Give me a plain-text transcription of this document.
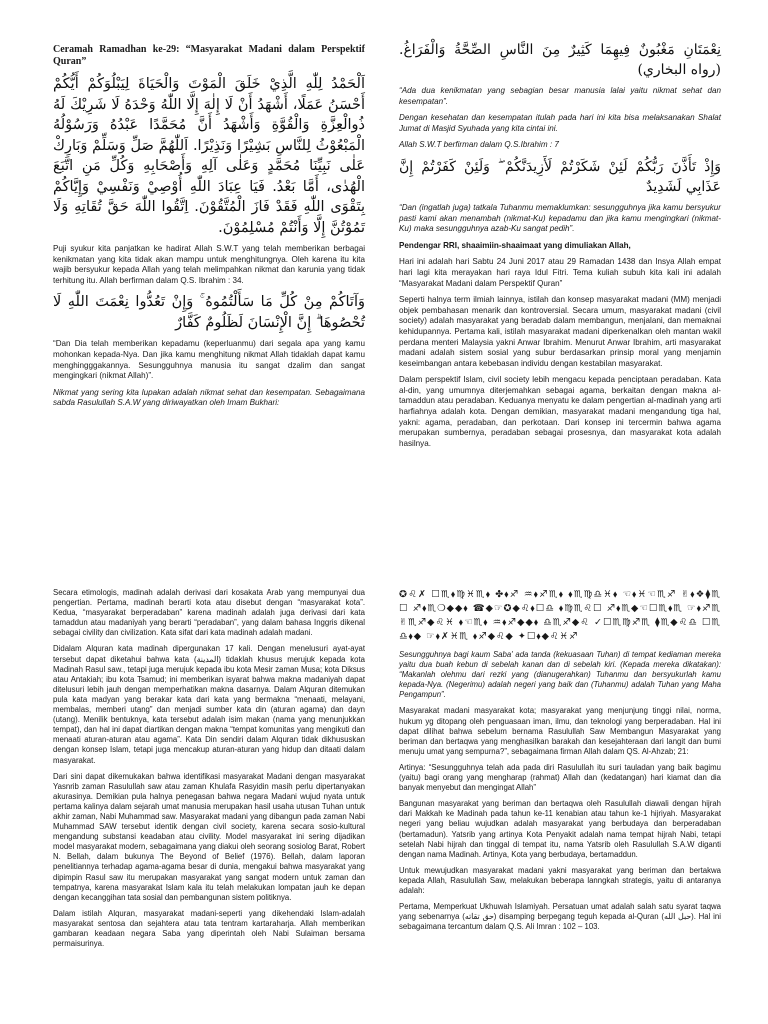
Ceramah Ramadhan ke-29: “Masyarakat Madani dalam Perspektif Quran”

اَلْحَمْدُ لِلّٰهِ الَّذِيْ خَلَقَ الْمَوْتَ وَالْحَيَاةَ لِيَبْلُوَكُمْ أَيُّكُمْ أَحْسَنُ عَمَلًا، أَشْهَدُ أَنْ لَا إِلٰهَ إِلَّا اللّٰهُ وَحْدَهُ لَا شَرِيْكَ لَهُ ذُوالْعِزَّةِ وَالْقُوَّةِ وَأَشْهَدُ أَنَّ مُحَمَّدًا عَبْدُهُ وَرَسُوْلُهُ الْمَبْعُوْثُ لِلنَّاسِ بَشِيْرًا وَنَذِيْرًا. اَللّٰهُمَّ صَلِّ وَسَلِّمْ وَبَارِكْ عَلٰى نَبِيِّنَا مُحَمَّدٍ وَعَلٰى آلِهِ وَأَصْحَابِهِ وَكُلِّ مَنِ اتَّبَعَ الْهُدٰى، أَمَّا بَعْدُ. فَيَا عِبَادَ اللّٰهِ أُوْصِيْ وَنَفْسِيْ وَإِيَّاكُمْ بِتَقْوَى اللّٰهِ فَقَدْ فَازَ الْمُتَّقُوْنَ. اِتَّقُوا اللّٰهَ حَقَّ تُقَاتِهِ وَلَا تَمُوْتُنَّ إِلَّا وَأَنْتُمْ مُسْلِمُوْنَ.

Puji syukur kita panjatkan ke hadirat Allah S.W.T yang telah memberikan berbagai kenikmatan yang kita tidak akan mampu untuk menghitungnya. Oleh karena itu kita wajib bersyukur kepada Allah yang telah melimpahkan nikmat dan karunia yang tidak terhitung itu. Allah berfirman dalam Q.S. Ibrahim : 34.

وَآتَاكُمْ مِنْ كُلِّ مَا سَأَلْتُمُوهُ ۚ وَإِنْ تَعُدُّوا نِعْمَتَ اللّٰهِ لَا تُحْصُوهَا ۗ إِنَّ الْإِنْسَانَ لَظَلُومٌ كَفَّارٌ

“Dan Dia telah memberikan kepadamu (keperluanmu) dari segala apa yang kamu mohonkan kepada-Nya. Dan jika kamu menghitung nikmat Allah tidaklah dapat kamu menghingggakannya. Sesungguhnya manusia itu sangat dzalim dan sangat mengingkari (nikmat Allah)”.

Nikmat yang sering kita lupakan adalah nikmat sehat dan kesempatan. Sebagaimana sabda Rasulullah S.A.W yang diriwayatkan oleh Imam Bukhari:

نِعْمَتَانِ مَغْبُونٌ فِيهِمَا كَثِيرٌ مِنَ النَّاسِ الصِّحَّةُ وَالْفَرَاغُ. (رواه البخاري)

“Ada dua kenikmatan yang sebagian besar manusia lalai yaitu nikmat sehat dan kesempatan”.

Dengan kesehatan dan kesempatan itulah pada hari ini kita bisa melaksanakan Shalat Jumat di Masjid Syuhada yang kita cintai ini.

Allah S.W.T berfirman dalam Q.S.Ibrahim : 7

وَإِذْ تَأَذَّنَ رَبُّكُمْ لَئِنْ شَكَرْتُمْ لَأَزِيدَنَّكُمْ ۖ وَلَئِنْ كَفَرْتُمْ إِنَّ عَذَابِي لَشَدِيدٌ

“Dan (ingatlah juga) tatkala Tuhanmu memaklumkan: sesungguhnya jika kamu bersyukur pasti kami akan menambah (nikmat-Ku) kepadamu dan jika kamu mengingkari (nikmat-Ku) maka sesungguhnya azab-Ku sangat pedih”.

Pendengar RRI, shaaimiin-shaaimaat yang dimuliakan Allah,

Hari ini adalah hari Sabtu 24 Juni 2017 atau 29 Ramadan 1438 dan Insya Allah empat hari lagi kita merayakan hari raya Idul Fitri. Tema kuliah subuh kita kali ini adalah “Masyarakat Madani dalam Perspektif Quran”

Seperti halnya term ilmiah lainnya, istilah dan konsep masyarakat madani (MM) menjadi objek pembahasan menarik dan kontroversial. Secara umum, masyarakat madani (civil society) adalah masyarakat yang beradab dalam membangun, menjalani, dan memaknai kehidupannya. Pertama kali, istilah masyarakat madani diperkenalkan oleh mantan wakil perdana menteri Malaysia yakni Anwar Ibrahim. Menurut Anwar Ibrahim, arti masyarakat madani adalah sistem sosial yang subur berdasarkan prinsip moral yang menjamin keseimbangan antara kebebasan individu dengan kestabilan masyarakat.

Dalam perspektif Islam, civil society lebih mengacu kepada penciptaan peradaban. Kata al-din, yang umumnya diterjemahkan sebagai agama, berkaitan dengan makna al-tamaddun atau peradaban. Keduanya menyatu ke dalam pengertian al-madinah yang arti harfiahnya adalah kota. Dengan demikian, masyarakat madani mengandung tiga hal, yakni: agama, peradaban, dan perkotaan. Dari konsep ini tercermin bahwa agama merupakan sumbernya, peradaban sebagai prosesnya, dan masyarakat kota adalah hasilnya.

Secara etimologis, madinah adalah derivasi dari kosakata Arab yang mempunyai dua pengertian. Pertama, madinah berarti kota atau disebut dengan “masyarakat kota”. Kedua, “masyarakat berperadaban” karena madinah adalah juga derivasi dari kata tamaddun atau madaniyah yang berarti “peradaban”, yang dalam bahasa Inggris dikenal sebagai civility dan civilization. Kata sifat dari kata madinah adalah madani.

Didalam Alquran kata madinah dipergunakan 17 kali. Dengan menelusuri ayat-ayat tersebut dapat diketahui bahwa kata (المدينة) tidaklah khusus merujuk kepada kota Madinah Rasul saw., tetapi juga merujuk kepada ibu kota Mesir zaman Musa; kota Diksus atau Antakiah; ibu kota Tsamud; ini memberikan isyarat bahwa makna madaniyah dapat ditelusuri lebih jauh dengan memperhatikan makna dasarnya. Dalam Alquran ditemukan pula kata madyan yang berakar kata dari kata yang bermakna “menaati, melayani, membalas, memberi utang” dan menjadi sumber kata din (aturan agama) dan dayn (utang). Menilik bentuknya, kata tersebut adalah isim makan (nama yang menunjukkan tempat), dan hal ini dapat diartikan dengan makna “tempat komunitas yang mengikuti dan menaati aturan-aturan atau agama”. Kata Din sendiri dalam Alquran tidak dikhususkan dengan konsep Islam, tetapi juga mencakup aturan-aturan yang hidup dan ditaati dalam masyarakat.

Dari sini dapat dikemukakan bahwa identifikasi masyarakat Madani dengan masyarakat Yasnrib zaman Rasulullah saw atau zaman Khulafa Rasyidin masih perlu dipertanyakan akurasinya. Demikian pula halnya penegasan bahwa negara Madani wujud nyata untuk pertama kalinya dalam sejarah umat manusia merupakan hasil usaha utusan Tuhan untuk akhir zaman, Nabi Muhammad saw. Masyarakat madani yang dibangun pada zaman Nabi Muhammad SAW tersebut identik dengan civil society, karena secara sosio-kultural mengandung substansi keadaban atau civility. Model masyarakat ini sering dijadikan model masyarakat modern, sebagaimana yang diakui oleh seorang sosiolog Barat, Robert N. Bellah, dalam bukunya The Beyond of Belief (1976). Bellah, dalam laporan penelitiannya terhadap agama-agama besar di dunia, mengakui bahwa masyarakat yang dipimpin Rasul saw itu merupakan masyarakat yang sangat modern untuk zaman dan tempatnya, karena masyarakat Islam kala itu telah melakukan lompatan jauh ke depan dengan kecanggihan tata sosial dan pembangunan sistem politiknya.

Dalam istilah Alquran, masyarakat madani-seperti yang dikehendaki Islam-adalah masyarakat sentosa dan sejahtera atau tata tentram kartaraharja. Allah memberikan gambaran keadaan negara Saba yang diperintah oleh Nabi Sulaiman bersama permaisurinya.

✪♌✗ ☐♏⬧♍♓♏⬧ ✤⬧♐ ♒⬧♐♏⬧ ⬧♏♍♎♓⬧ ☜⬧♓☜♏♐ ✌⬧❖⧫♏☐ ♐⬧♏❍◆◆⬧ ☎◆☞✪◆♌⬧☐♎ ⬧♍♏♌☐ ♐⬧♏◆☜☐♏⬧♏ ☞⬧♐♏ ✌♏♐◆♌♓ ⬧☜♏⬧ ♒⬧♐◆◆⬧ ♎♏♐◆♌ ✓☐♏♍♐♏ ⧫♏◆♌♎ ☐♏♎⬧◆ ☞⬧✗♓♏ ⬧♐◆♌◆ ✦☐⬧◆♌♓♐

Sesungguhnya bagi kaum Saba' ada tanda (kekuasaan Tuhan) di tempat kediaman mereka yaitu dua buah kebun di sebelah kanan dan di sebelah kiri. (Kepada mereka dikatakan): “Makanlah olehmu dari rezki yang (dianugerahkan) Tuhanmu dan bersyukurlah kamu kepada-Nya. (Negerimu) adalah negeri yang baik dan (Tuhanmu) adalah Tuhan yang Maha Pengampun”.

Masyarakat madani masyarakat kota; masyarakat yang menjunjung tinggi nilai, norma, hukum yg ditopang oleh penguasaan iman, ilmu, dan teknologi yang berperadaban. Hal ini dapat dilihat bahwa sebelum bernama Rasulullah Saw Membangun Masyarakat yang beriman dan bertaqwa yang menghasilkan barakah dan kesejahteraan dari langit dan bumi menuju umat yang sempurna?”, sebagaimana firman Allah dalam QS. Al-Ahzab; 21:

Artinya: “Sesungguhnya telah ada pada diri Rasulullah itu suri tauladan yang baik bagimu (yaitu) bagi orang yang mengharap (rahmat) Allah dan (kedatangan) hari kiamat dan dia banyak menyebut dan mengingat Allah”

Bangunan masyarakat yang beriman dan bertaqwa oleh Rasulullah diawali dengan hijrah dari Makkah ke Madinah pada tahun ke-11 kenabian atau tahun ke-1 hijriyah. Masyarakat negeri yang beliau wujudkan adalah masyarakat yang berbudaya dan berperadaban (bertamadun). Yatsrib yang artinya Kota Penyakit adalah nama tempat hijrah Nabi, tetapi setelah Nabi hijrah dan tinggal di tempat itu, nama Yatsrib oleh Rasulullah S.A.W diganti dengan nama Madinah. Artinya, Kota yang berbudaya, bertamaddun.

Untuk mewujudkan masyarakat madani yakni masyarakat yang beriman dan bertakwa kepada Allah, Rasulullah Saw, melakukan beberapa lanngkah strategis, yaitu di antaranya adalah:

Pertama, Memperkuat Ukhuwah Islamiyah. Persatuan umat adalah salah satu syarat taqwa yang sebenarnya (حق تقاته) disamping berpegang teguh kepada al-Quran (حبل الله). Hal ini sebagaimana tercantum dalam Q.S. Ali Imran : 102 – 103.
